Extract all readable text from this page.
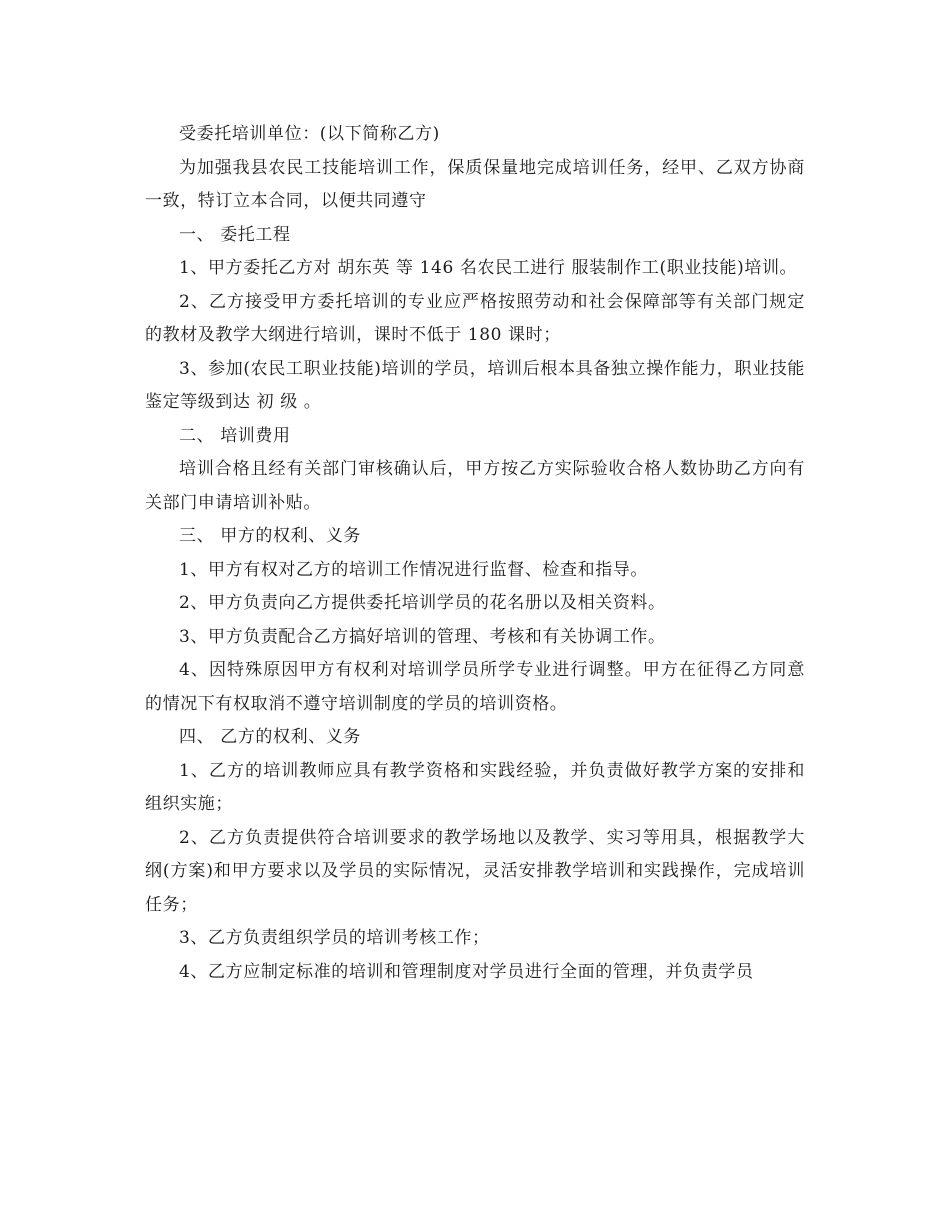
受委托培训单位：(以下简称乙方)

为加强我县农民工技能培训工作，保质保量地完成培训任务，经甲、乙双方协商一致，特订立本合同，以便共同遵守

一、 委托工程

1、甲方委托乙方对 胡东英 等 146 名农民工进行 服装制作工(职业技能)培训。

2、乙方接受甲方委托培训的专业应严格按照劳动和社会保障部等有关部门规定的教材及教学大纲进行培训，课时不低于 180 课时；

3、参加(农民工职业技能)培训的学员，培训后根本具备独立操作能力，职业技能鉴定等级到达 初 级 。

二、 培训费用

培训合格且经有关部门审核确认后，甲方按乙方实际验收合格人数协助乙方向有关部门申请培训补贴。

三、 甲方的权利、义务

1、甲方有权对乙方的培训工作情况进行监督、检查和指导。

2、甲方负责向乙方提供委托培训学员的花名册以及相关资料。

3、甲方负责配合乙方搞好培训的管理、考核和有关协调工作。

4、因特殊原因甲方有权利对培训学员所学专业进行调整。甲方在征得乙方同意的情况下有权取消不遵守培训制度的学员的培训资格。

四、 乙方的权利、义务

1、乙方的培训教师应具有教学资格和实践经验，并负责做好教学方案的安排和组织实施；

2、乙方负责提供符合培训要求的教学场地以及教学、实习等用具，根据教学大纲(方案)和甲方要求以及学员的实际情况，灵活安排教学培训和实践操作，完成培训任务；

3、乙方负责组织学员的培训考核工作；

4、乙方应制定标准的培训和管理制度对学员进行全面的管理，并负责学员
